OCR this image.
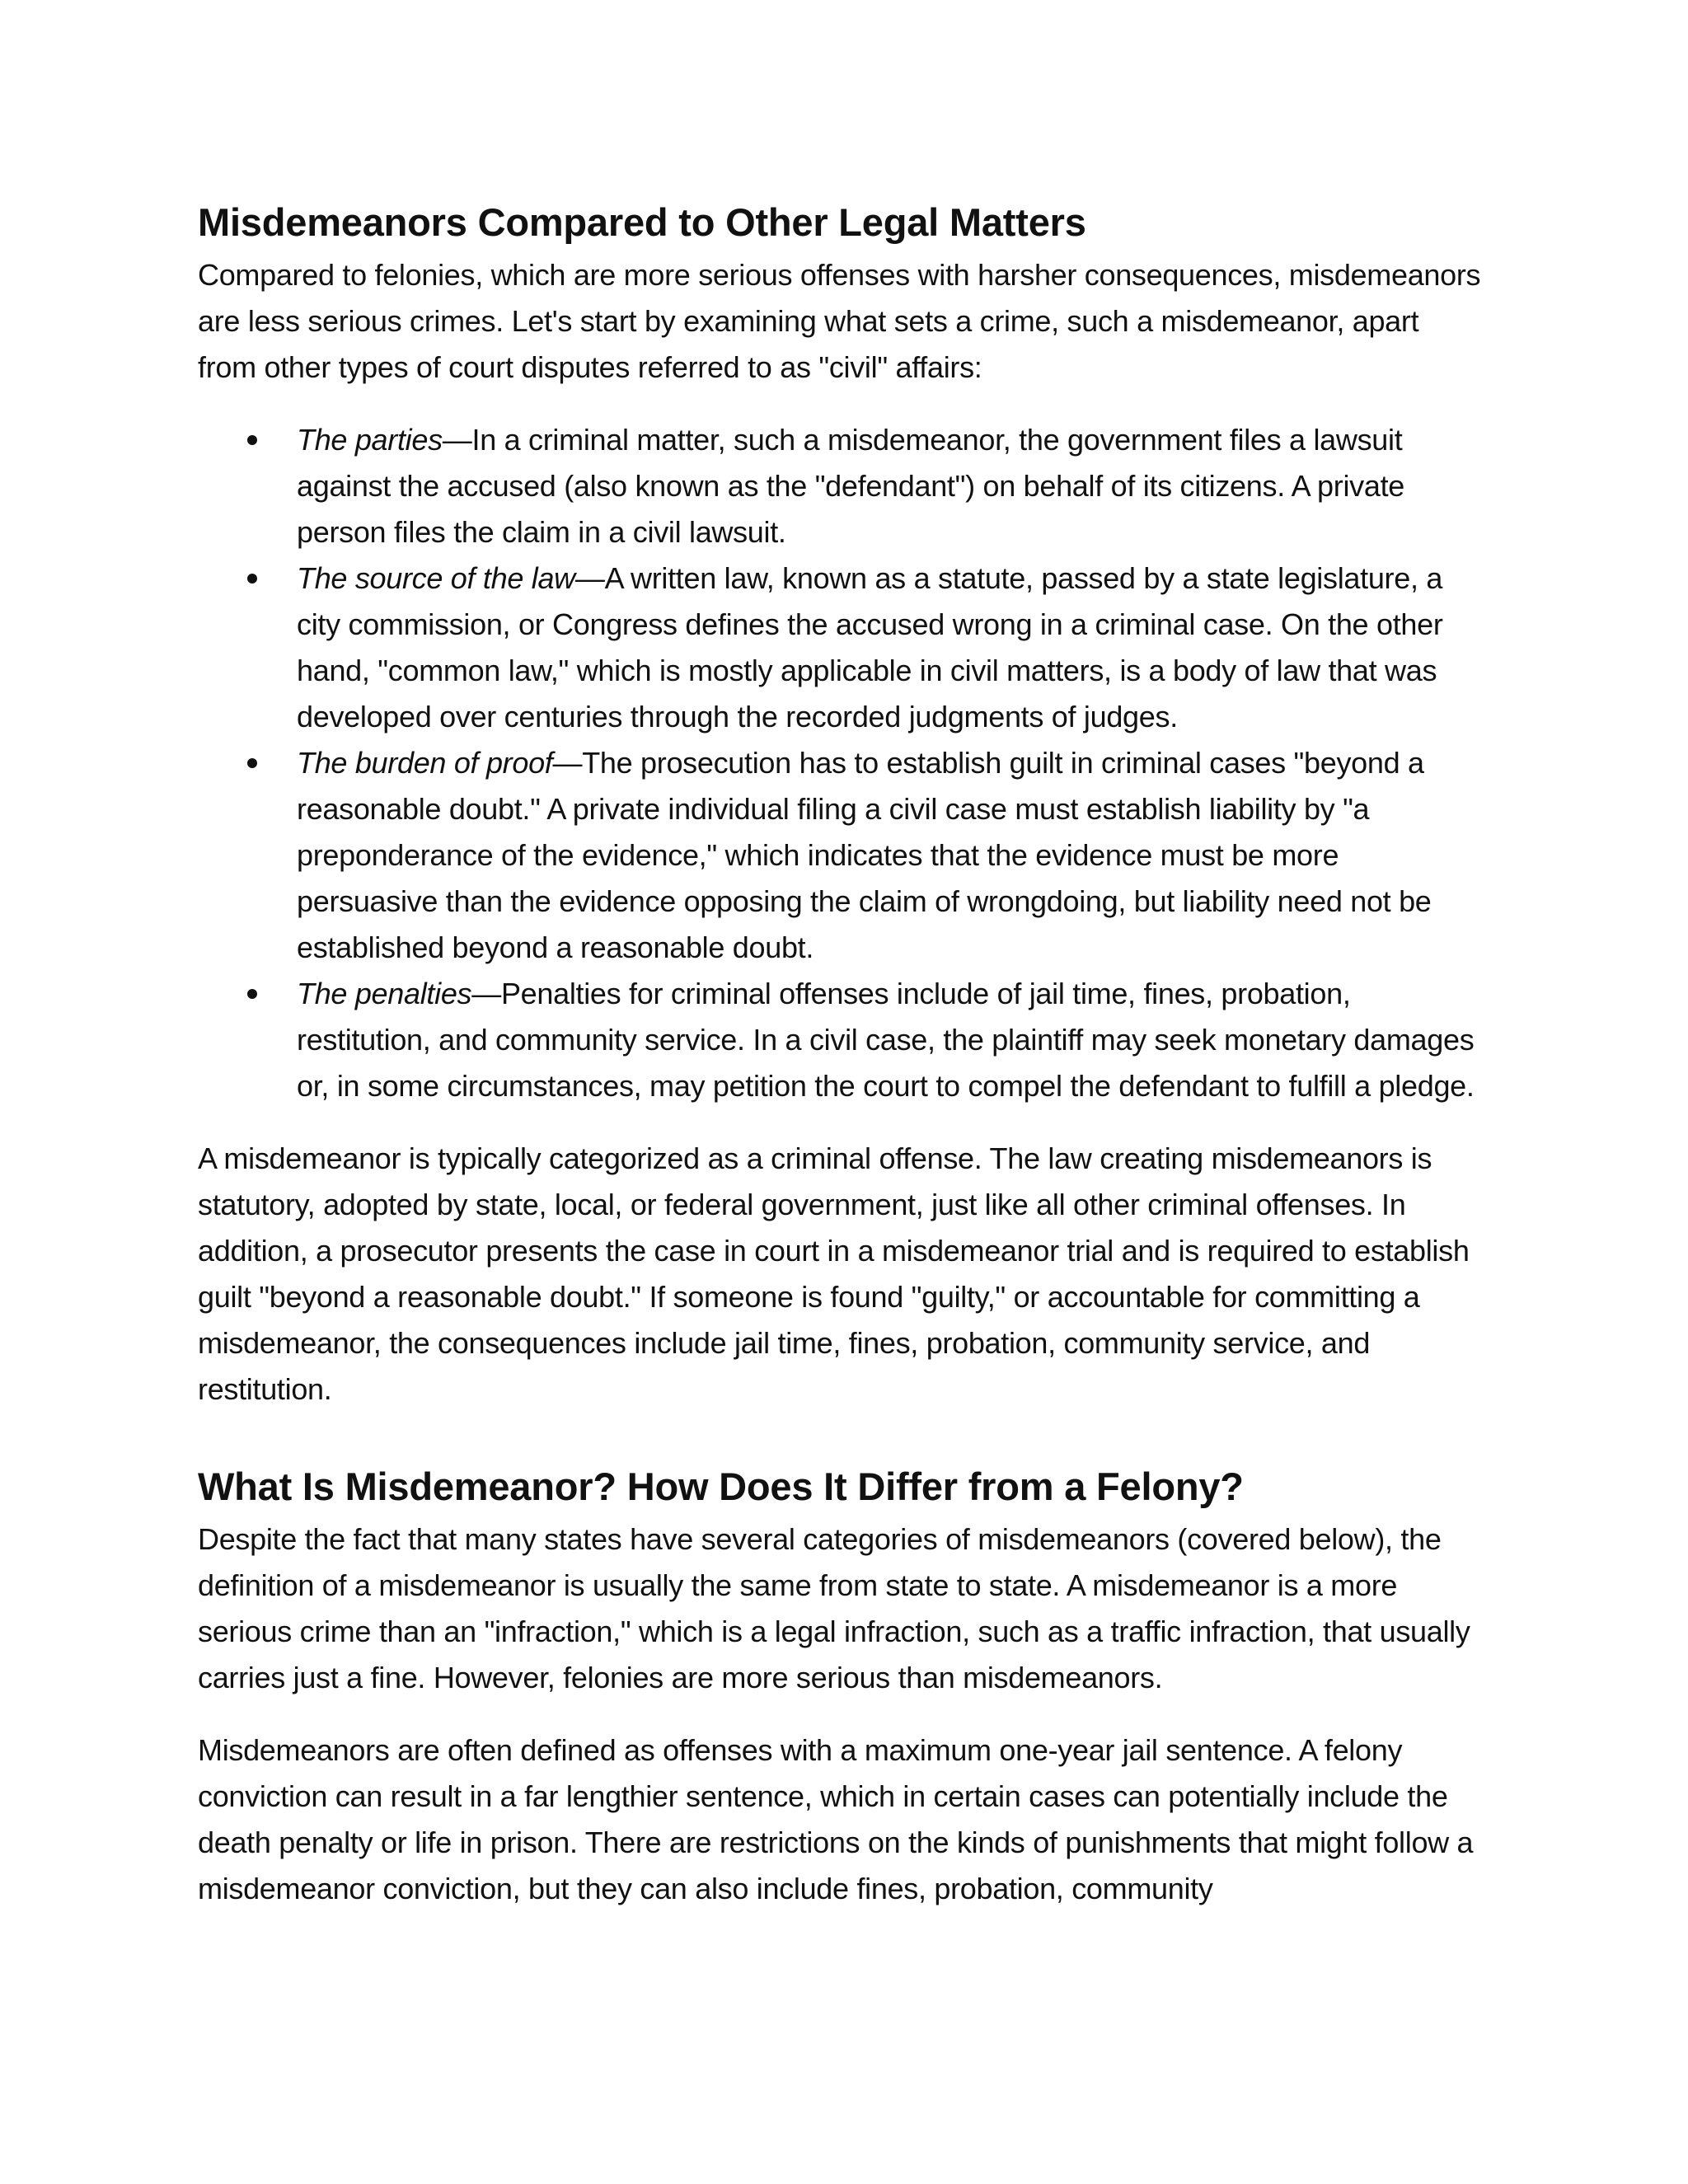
Misdemeanors Compared to Other Legal Matters

Compared to felonies, which are more serious offenses with harsher consequences, misdemeanors are less serious crimes. Let's start by examining what sets a crime, such a misdemeanor, apart from other types of court disputes referred to as "civil" affairs:

The parties—In a criminal matter, such a misdemeanor, the government files a lawsuit against the accused (also known as the "defendant") on behalf of its citizens. A private person files the claim in a civil lawsuit.
The source of the law—A written law, known as a statute, passed by a state legislature, a city commission, or Congress defines the accused wrong in a criminal case. On the other hand, "common law," which is mostly applicable in civil matters, is a body of law that was developed over centuries through the recorded judgments of judges.
The burden of proof—The prosecution has to establish guilt in criminal cases "beyond a reasonable doubt." A private individual filing a civil case must establish liability by "a preponderance of the evidence," which indicates that the evidence must be more persuasive than the evidence opposing the claim of wrongdoing, but liability need not be established beyond a reasonable doubt.
The penalties—Penalties for criminal offenses include of jail time, fines, probation, restitution, and community service. In a civil case, the plaintiff may seek monetary damages or, in some circumstances, may petition the court to compel the defendant to fulfill a pledge.

A misdemeanor is typically categorized as a criminal offense. The law creating misdemeanors is statutory, adopted by state, local, or federal government, just like all other criminal offenses. In addition, a prosecutor presents the case in court in a misdemeanor trial and is required to establish guilt "beyond a reasonable doubt." If someone is found "guilty," or accountable for committing a misdemeanor, the consequences include jail time, fines, probation, community service, and restitution.

What Is Misdemeanor? How Does It Differ from a Felony?

Despite the fact that many states have several categories of misdemeanors (covered below), the definition of a misdemeanor is usually the same from state to state. A misdemeanor is a more serious crime than an "infraction," which is a legal infraction, such as a traffic infraction, that usually carries just a fine. However, felonies are more serious than misdemeanors.

Misdemeanors are often defined as offenses with a maximum one-year jail sentence. A felony conviction can result in a far lengthier sentence, which in certain cases can potentially include the death penalty or life in prison. There are restrictions on the kinds of punishments that might follow a misdemeanor conviction, but they can also include fines, probation, community
